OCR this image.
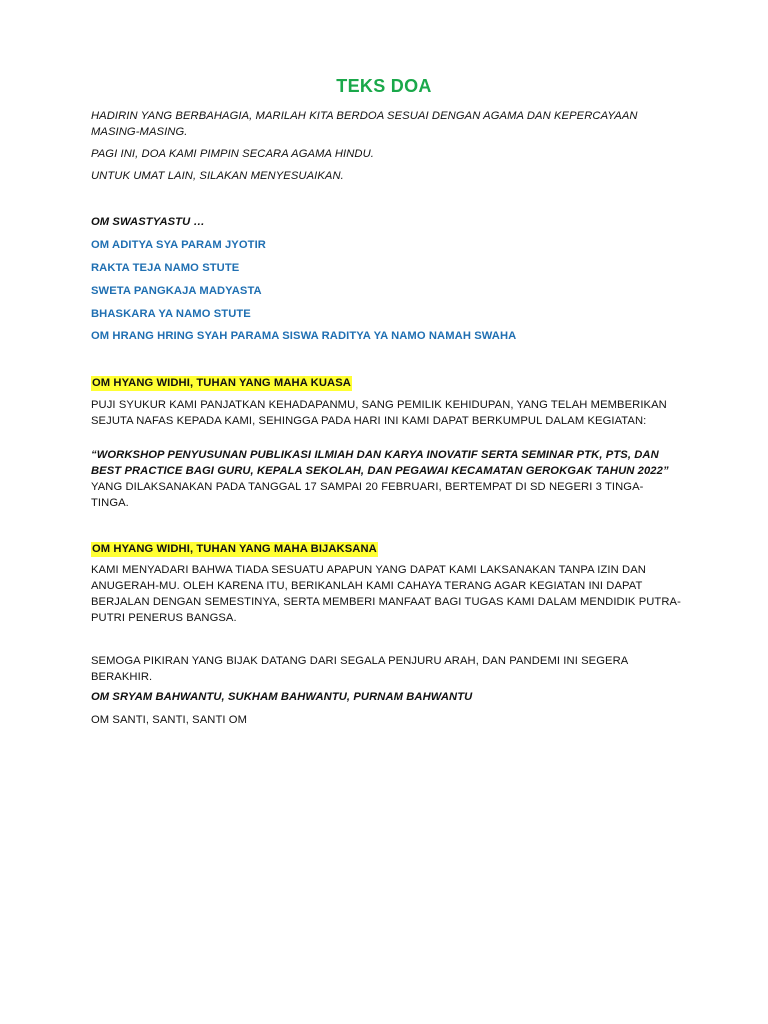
TEKS DOA

HADIRIN YANG BERBAHAGIA, MARILAH KITA BERDOA SESUAI DENGAN AGAMA DAN KEPERCAYAAN MASING-MASING.

PAGI INI, DOA KAMI PIMPIN SECARA AGAMA HINDU.

UNTUK UMAT LAIN, SILAKAN MENYESUAIKAN.

OM SWASTYASTU …

OM ADITYA SYA PARAM JYOTIR

RAKTA TEJA NAMO STUTE

SWETA PANGKAJA MADYASTA

BHASKARA YA NAMO STUTE

OM HRANG HRING SYAH PARAMA SISWA RADITYA YA NAMO NAMAH SWAHA

OM HYANG WIDHI, TUHAN YANG MAHA KUASA

PUJI SYUKUR KAMI PANJATKAN KEHADAPANMU, SANG PEMILIK KEHIDUPAN, YANG TELAH MEMBERIKAN SEJUTA NAFAS KEPADA KAMI, SEHINGGA PADA HARI INI KAMI DAPAT BERKUMPUL DALAM KEGIATAN:

“WORKSHOP PENYUSUNAN PUBLIKASI ILMIAH DAN KARYA INOVATIF SERTA SEMINAR PTK, PTS, DAN BEST PRACTICE BAGI GURU, KEPALA SEKOLAH, DAN PEGAWAI KECAMATAN GEROKGAK TAHUN 2022”

YANG DILAKSANAKAN PADA TANGGAL 17 SAMPAI 20 FEBRUARI, BERTEMPAT DI SD NEGERI 3 TINGA-TINGA.

OM HYANG WIDHI, TUHAN YANG MAHA BIJAKSANA

KAMI MENYADARI BAHWA TIADA SESUATU APAPUN YANG DAPAT KAMI LAKSANAKAN TANPA IZIN DAN ANUGERAH-MU. OLEH KARENA ITU, BERIKANLAH KAMI CAHAYA TERANG AGAR KEGIATAN INI DAPAT BERJALAN DENGAN SEMESTINYA, SERTA MEMBERI MANFAAT BAGI TUGAS KAMI DALAM MENDIDIK PUTRA-PUTRI PENERUS BANGSA.

SEMOGA PIKIRAN YANG BIJAK DATANG DARI SEGALA PENJURU ARAH, DAN PANDEMI INI SEGERA BERAKHIR.

OM SRYAM BAHWANTU, SUKHAM BAHWANTU, PURNAM BAHWANTU

OM SANTI, SANTI, SANTI OM
